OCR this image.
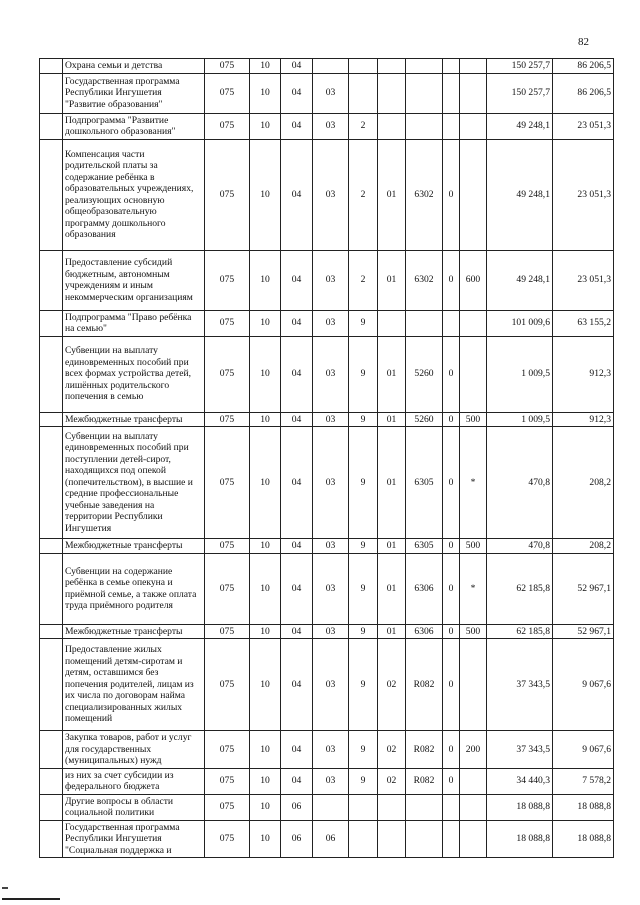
82
	Охрана семьи и детства	075	10	04							150 257,7	86 206,5
	Государственная программа Республики Ингушетия "Развитие образования"	075	10	04	03						150 257,7	86 206,5
	Подпрограмма "Развитие дошкольного образования"	075	10	04	03	2					49 248,1	23 051,3
	Компенсация части родительской платы за содержание ребёнка в образовательных учреждениях, реализующих основную общеобразовательную программу дошкольного образования	075	10	04	03	2	01	6302	0		49 248,1	23 051,3
	Предоставление субсидий бюджетным, автономным учреждениям и иным некоммерческим организациям	075	10	04	03	2	01	6302	0	600	49 248,1	23 051,3
	Подпрограмма "Право ребёнка на семью"	075	10	04	03	9					101 009,6	63 155,2
	Субвенции на выплату единовременных пособий при всех формах устройства детей, лишённых родительского попечения в семью	075	10	04	03	9	01	5260	0		1 009,5	912,3
	Межбюджетные трансферты	075	10	04	03	9	01	5260	0	500	1 009,5	912,3
	Субвенции на выплату единовременных пособий при поступлении детей-сирот, находящихся под опекой (попечительством), в высшие и средние профессиональные учебные заведения на территории Республики Ингушетия	075	10	04	03	9	01	6305	0	*	470,8	208,2
	Межбюджетные трансферты	075	10	04	03	9	01	6305	0	500	470,8	208,2
	Субвенции на содержание ребёнка в семье опекуна и приёмной семье, а также оплата труда приёмного родителя	075	10	04	03	9	01	6306	0	*	62 185,8	52 967,1
	Межбюджетные трансферты	075	10	04	03	9	01	6306	0	500	62 185,8	52 967,1
	Предоставление жилых помещений детям-сиротам и детям, оставшимся без попечения родителей, лицам из их числа по договорам найма специализированных жилых помещений	075	10	04	03	9	02	R082	0		37 343,5	9 067,6
	Закупка товаров, работ и услуг для государственных (муниципальных) нужд	075	10	04	03	9	02	R082	0	200	37 343,5	9 067,6
	из них за счет субсидии из федерального бюджета	075	10	04	03	9	02	R082	0		34 440,3	7 578,2
	Другие вопросы в области социальной политики	075	10	06							18 088,8	18 088,8
	Государственная программа Республики Ингушетия "Социальная поддержка и	075	10	06	06						18 088,8	18 088,8
